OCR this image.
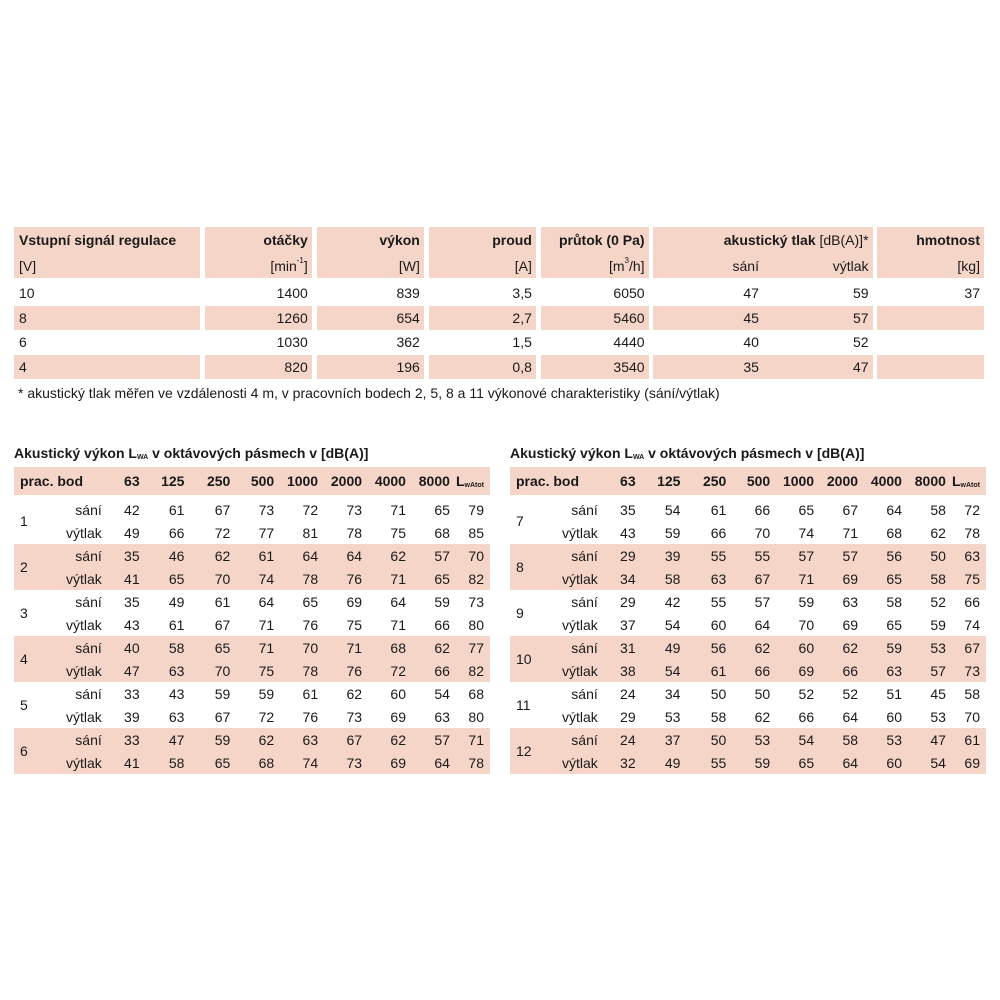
Vstupní signál regulace		otáčky		výkon		proud		průtok (0 Pa)		akustický tlak [dB(A)]*			hmotnost
[V]		$[\min^{-1}]$		[W]		[A]		$[m^3/h]$		sání	výtlak		[kg]

10		1400		839		3,5		6050		47	59		37
8		1260		654		2,7		5460		45	57		
6		1030		362		1,5		4440		40	52		
4		820		196		0,8		3540		35	47		
* akustický tlak měřen ve vzdálenosti 4 m, v pracovních bodech 2, 5, 8 a 11 výkonové charakteristiky (sání/výtlak)
Akustický výkon $L_{WA}$ v oktávových pásmech v [dB(A)]	Akustický výkon $L_{WA}$ v oktávových pásmech v [dB(A)]
prac. bod		63	125	250	500	1000	2000	4000	8000	$L_{wAtot}$

1	sání	42	61	67	73	72	73	71	65	79
	výtlak	49	66	72	77	81	78	75	68	85
2	sání	35	46	62	61	64	64	62	57	70
	výtlak	41	65	70	74	78	76	71	65	82
3	sání	35	49	61	64	65	69	64	59	73
	výtlak	43	61	67	71	76	75	71	66	80
4	sání	40	58	65	71	70	71	68	62	77
	výtlak	47	63	70	75	78	76	72	66	82
5	sání	33	43	59	59	61	62	60	54	68
	výtlak	39	63	67	72	76	73	69	63	80
6	sání	33	47	59	62	63	67	62	57	71
	výtlak	41	58	65	68	74	73	69	64	78
prac. bod		63	125	250	500	1000	2000	4000	8000	$L_{wAtot}$

7	sání	35	54	61	66	65	67	64	58	72
	výtlak	43	59	66	70	74	71	68	62	78
8	sání	29	39	55	55	57	57	56	50	63
	výtlak	34	58	63	67	71	69	65	58	75
9	sání	29	42	55	57	59	63	58	52	66
	výtlak	37	54	60	64	70	69	65	59	74
10	sání	31	49	56	62	60	62	59	53	67
	výtlak	38	54	61	66	69	66	63	57	73
11	sání	24	34	50	50	52	52	51	45	58
	výtlak	29	53	58	62	66	64	60	53	70
12	sání	24	37	50	53	54	58	53	47	61
	výtlak	32	49	55	59	65	64	60	54	69
